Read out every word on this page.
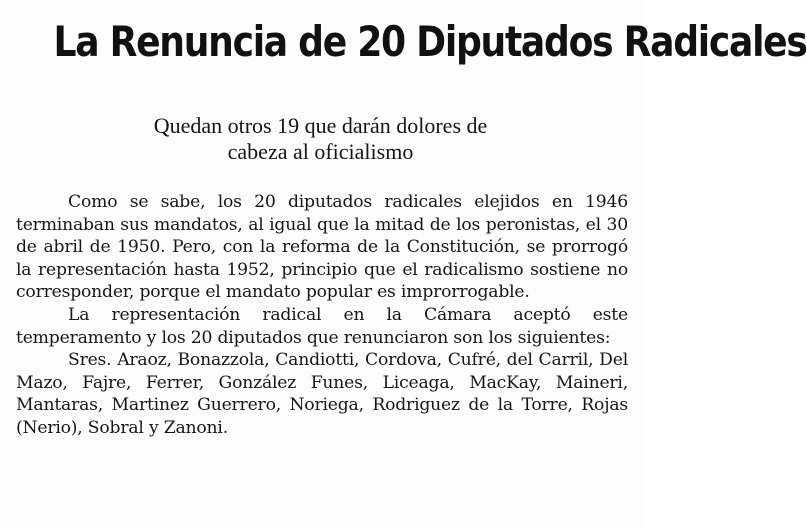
La Renuncia de 20 Diputados Radicales
Quedan otros 19 que darán dolores de
cabeza al oficialismo

Como se sabe, los 20 diputados radicales elejidos en 1946 terminaban sus mandatos, al igual que la mitad de los peronistas, el 30 de abril de 1950. Pero, con la reforma de la Constitución, se prorrogó la representación hasta 1952, principio que el radicalismo sostiene no corresponder, porque el mandato popular es improrrogable.

La representación radical en la Cámara aceptó este temperamento y los 20 diputados que renunciaron son los siguientes:

Sres. Araoz, Bonazzola, Candiotti, Cordova, Cufré, del Carril, Del Mazo, Fajre, Ferrer, González Funes, Liceaga, MacKay, Maineri, Mantaras, Martinez Guerrero, Noriega, Rodriguez de la Torre, Rojas (Nerio), Sobral y Zanoni.
